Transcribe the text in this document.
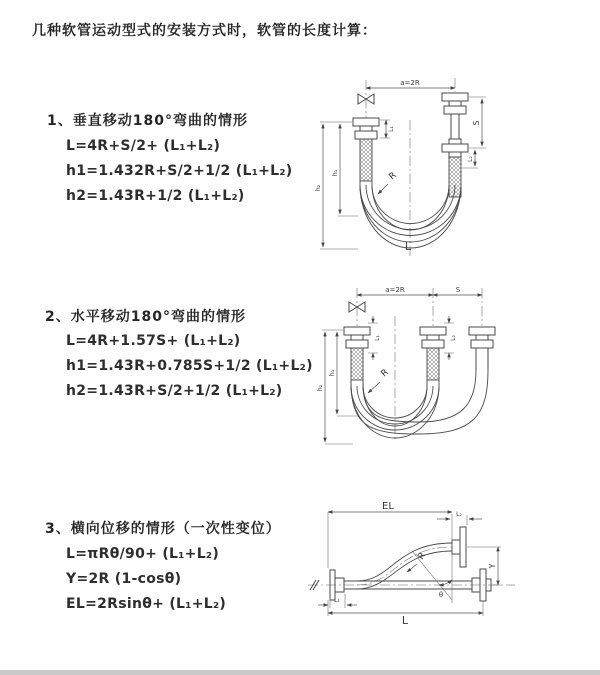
几种软管运动型式的安装方式时，软管的长度计算：
1、垂直移动180°弯曲的情形
L=4R+S/2+ (L₁+L₂)
h1=1.432R+S/2+1/2 (L₁+L₂)
h2=1.43R+1/2 (L₁+L₂)
a=2R
R
L
h₁
h₂
L₁
S
L₂
2、水平移动180°弯曲的情形
L=4R+1.57S+ (L₁+L₂)
h1=1.43R+0.785S+1/2 (L₁+L₂)
h2=1.43R+S/2+1/2 (L₁+L₂)
a=2R	S
h₁
h₂
L₁	L₂
R
3、横向位移的情形（一次性变位）
L=πRθ/90+ (L₁+L₂)
Y=2R (1-cosθ)
EL=2Rsinθ+ (L₁+L₂)
EL
L₂
Y
L
L₁
θ
R
